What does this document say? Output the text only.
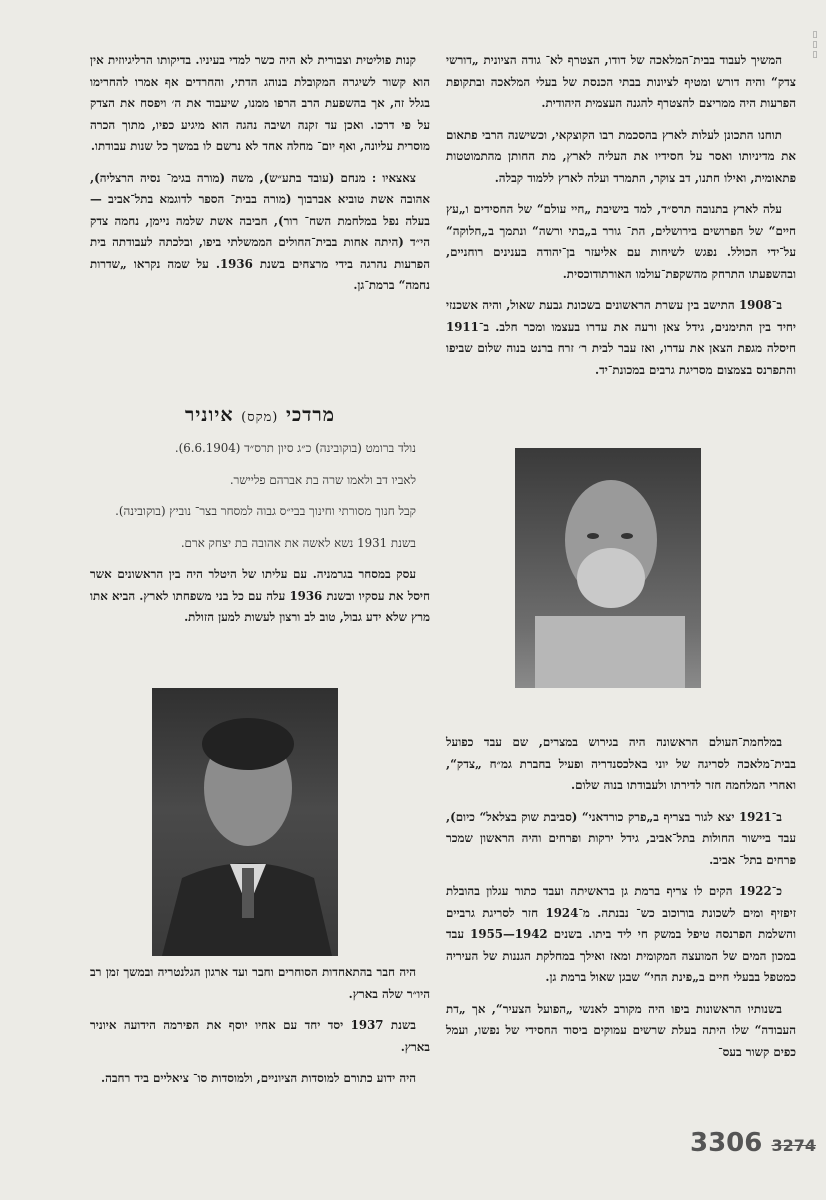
המשיך לעבוד בבית־המלאכה של דודו, הצטרף לא־ גודה הציונית „דורשי צדק“ והיה דורש ומטיף לציונות בבתי הכנסת של בעלי המלאכה ובתקופת הפרעות היה ממריצם להצטרף להגנה העצמית היהודית.

תוחנו התכונן לעלות לארץ בהסכמת רבו הקוצקאי, וכשישנה הרבי פתאום את מדיניותו ואסר על חסידיו את העליה לארץ, מת החותן מהתמוטטות פתאומית, ואילו חתנו, דב צוקר, התמרד ועלה לארץ ללמוד קבלה.

עלה לארץ בתנובה תרס״ד, למד בישיבת „חיי עולם“ של החסידים ו„עץ חיים“ של הפרושים בירושלים, הת־ גורר ב„בתי ורשה“ ונתמך ב„חלוקה“ על־ידי הכולל. נפגש לשיחות עם אליעזר בן־יהודה בענינים רוחניים, ובהשפעתו התרחק מהשקפת־עולמו האורתודוכסית.

ב־1908 התישב בין עשרת הראשונים בשכונת גבעת שאול, והיה אשכנזי יחיד בין התימנים, גידל צאן ורעה את עדרו בעצמו ומכר חלב. ב־1911 חיסלה מגפת הצאן את עדרו, ואז עבר לבית ר׳ זרח ברנט בנוה שלום שביפו והתפרנס בצמצום מסריגת גרבים במכונת־יד.

במלחמת־העולם הראשונה היה בגירוש במצרים, שם עבד כפועל בבית־מלאכה לסריגה של יוני באלכסנדריה ופעיל בחברת גמ״ח „צדק“, ואחרי המלחמה חזר לדירתו ולעבודתו בנוה שלום.

ב־1921 יצא לגור בצריף ב„פרק כורדאני“ (סביבת שוק בצלאל“ כיום), עבד ביישור החולות בתל־אביב, גידל ירקות ופרחים והיה הראשון שמכר פרחים בתל־ אביב.

כ־1922 הקים לו צריף ברמת גן בראשיתה ועבד כתור עגלון בהובלת זיפזיף ומים לשכונת בורוכוב כש־ נבנתה. מ־1924 חזר לסריגת גרביים והשלמת הפרנסה טיפל במשק חי ליד ביתו. בשנים 1942—1955 עבד במכון המים של המועצה המקומית ומאז ואילך במחלקת הגננות של העיריה כמטפל בבעלי חיים ב„פינת החי“ שבגן שאול ברמת גן.

בשנותיו הראשונות ביפו היה מקורב לאנשי „הפועל הצעיר“, אך „דת העבודה“ שלו היתה בעלת שרשים עמוקים ביסוד החסידי של נפשו, ועמל כפים קשור בעס־

קנות פוליטית וצבורית לא היה כשר למדי בעיניו. בדיקותו הרליגיוזית אין הוא קשור לשיגרה המקובלת בנוהג הדתי, והחרדים אף אמרו להחרימו בגלל זה, אך בהשפעת הרב הרפו ממנו, שיעבוד את ה׳ ויפסח את הצדק על פי דרכו. ואכן עד זקנה ושיבה נהגה הוא מיגיע כפיו, מתוך הכרה מוסרית עליונה, ואף יום־ מחלה אחד לא נרשם לו במשך כל שנות עבודתו.

צאצאיו : מנחם (עובד בתע״ש), משה (מורה בגימ־ נסיה הרצליה), אהובה אשת טוביא אברבוך (מורה בבית־ הספר לדוגמא בתל־אביב — בעלה נפל במלחמת השח־ רור), חביבה אשת שלמה ניימן, נחמה צדק הי״ד (היתה אחות בבית־החולים הממשלתי ביפו, ובלכתה לעבודתה בית הפרעות נהרגה בידי מרצחים בשנת 1936. על שמה נקראו „שדרות נחמה“ ברמת־גן.

מרדכי (מקס) איוניר

נולד ברומט (בוקובינה) כ״ג סיון תרס״ד (6.6.1904).

לאביו דב ולאמו שרה בת אברהם פליישר.

קבל חנוך מסורתי וחינוך בבי״ס גבוה למסחר בצר־ נוביץ (בוקובינה).

בשנת 1931 נשא לאשה את אהובה בת יצחק ארם.

עסק במסחר בגרמניה. עם עליתו של היטלר היה בין הראשונים אשר חיסל את עסקיו ובשנת 1936 עלה עם כל בני משפחתו לארץ. הביא אתו מרץ שלא ידע גבול, טוב לב ורצון לעשות למען הזולת.

היה חבר בהתאחדות הסוחרים וחבר ועד ארגון הגלנטריה ובמשך זמן רב היו״ר שלה בארץ.

בשנת 1937 יסד יחד עם אחיו יוסף את הפירמה הידועה איוניר בארץ.

היה ידוע כתורם למוסדות הציוניים, ולמוסדות סו־ ציאליים ביד רחבה.

3306 3274
▯▯▯
